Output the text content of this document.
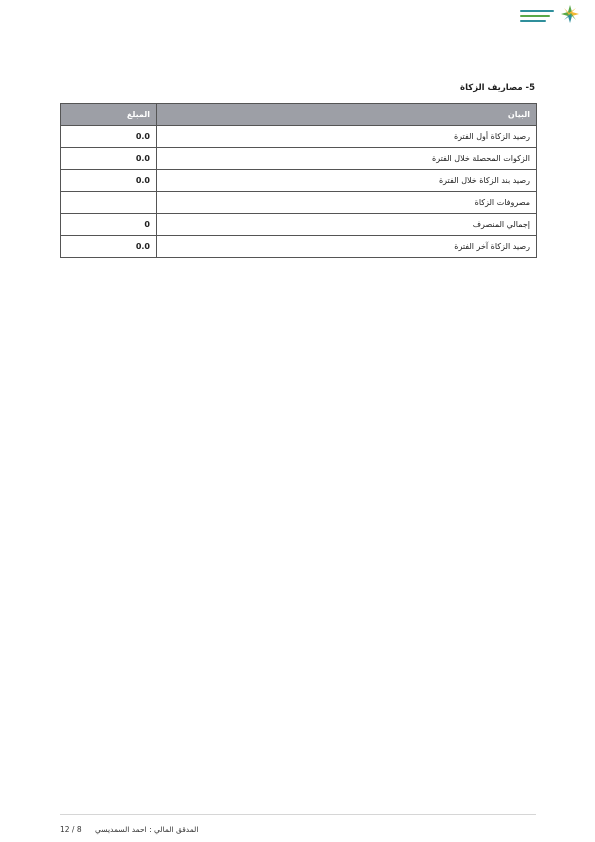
5- مصاريف الزكاة
البيان	المبلغ
رصيد الزكاة أول الفترة	0.0
الزكوات المحصلة خلال الفترة	0.0
رصيد بند الزكاة خلال الفترة	0.0
مصروفات الزكاة	
إجمالي المنصرف	0
رصيد الزكاة آخر الفترة	0.0
المدقق المالي : احمد السمديسي
12 / 8
